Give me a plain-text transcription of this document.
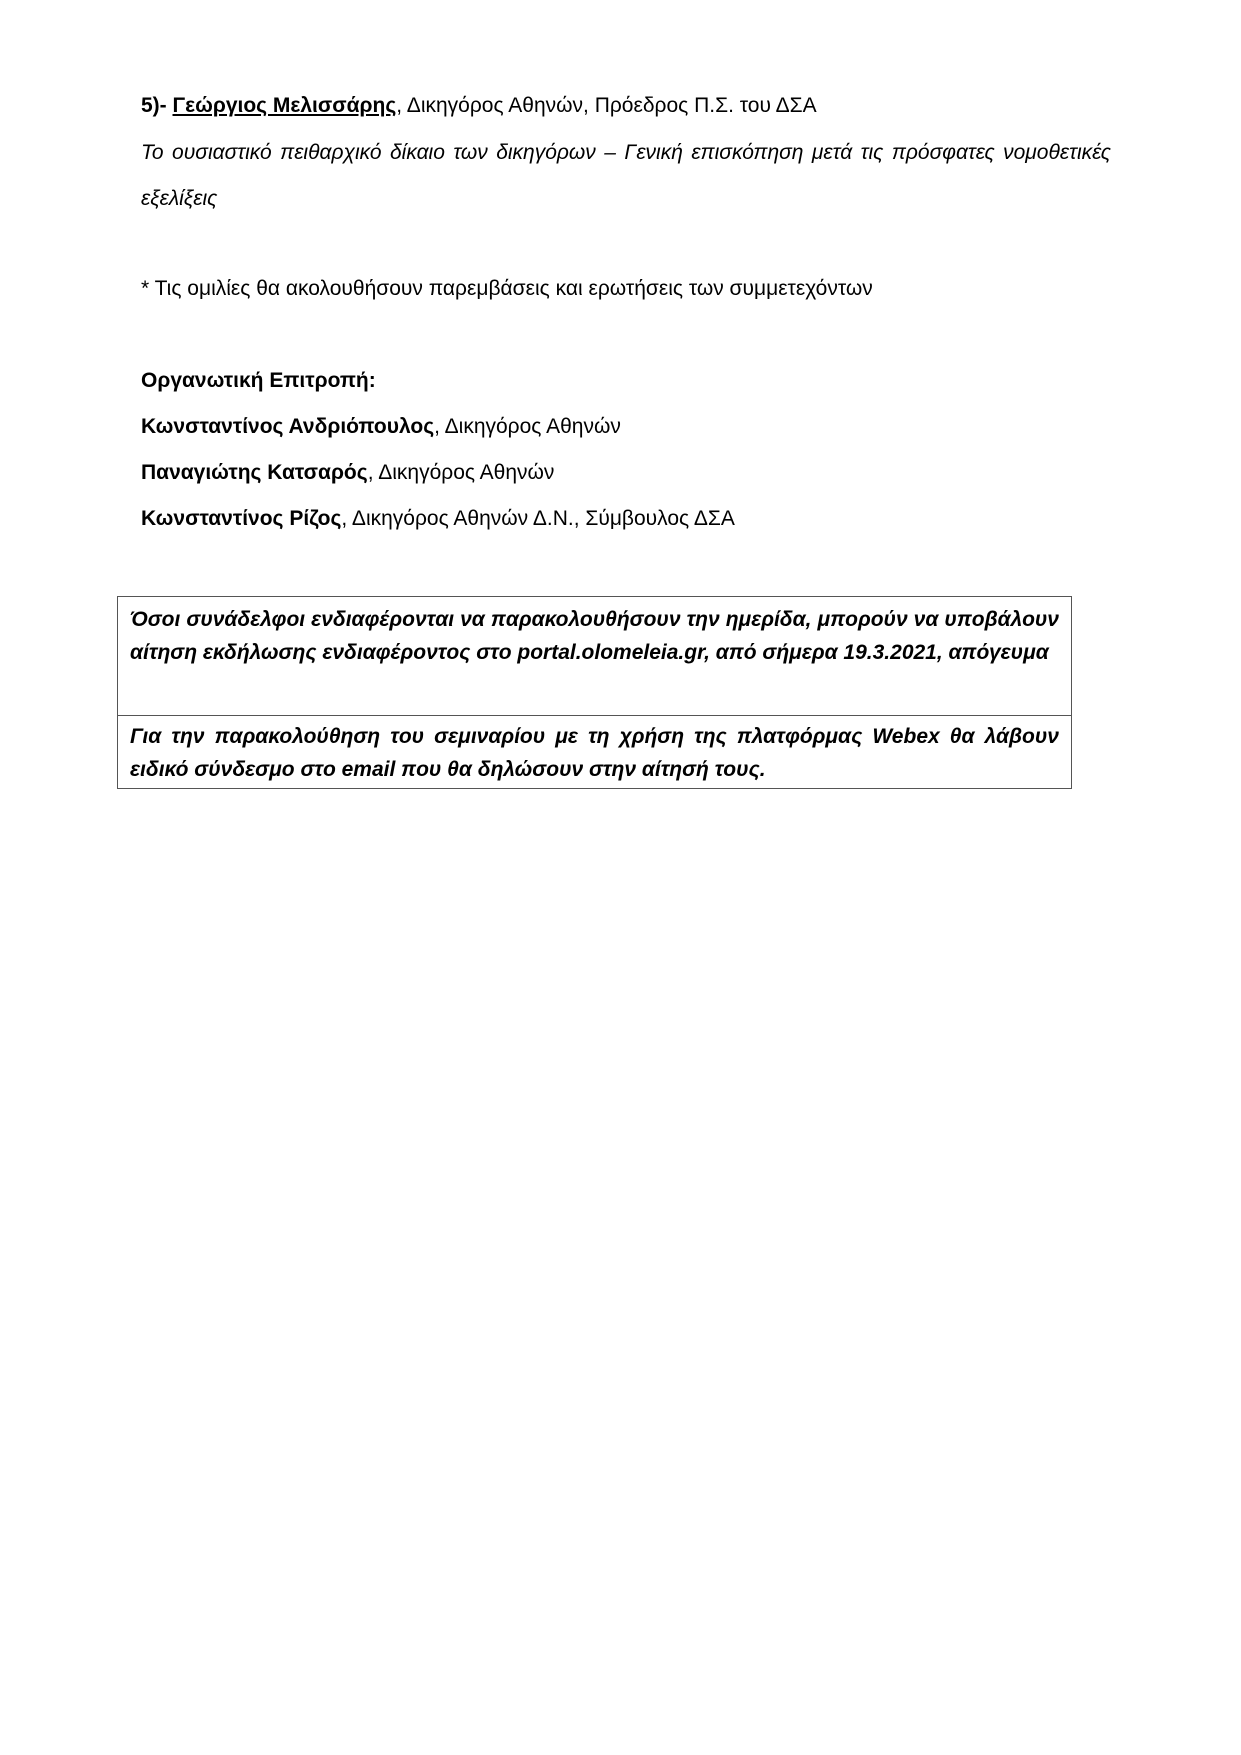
5)- Γεώργιος Μελισσάρης, Δικηγόρος Αθηνών, Πρόεδρος Π.Σ. του ΔΣΑ
Το ουσιαστικό πειθαρχικό δίκαιο των δικηγόρων – Γενική επισκόπηση μετά τις πρόσφατες νομοθετικές εξελίξεις
* Τις ομιλίες θα ακολουθήσουν παρεμβάσεις και ερωτήσεις των συμμετεχόντων
Οργανωτική Επιτροπή:
Κωνσταντίνος Ανδριόπουλος, Δικηγόρος Αθηνών
Παναγιώτης Κατσαρός, Δικηγόρος Αθηνών
Κωνσταντίνος Ρίζος, Δικηγόρος Αθηνών Δ.Ν., Σύμβουλος ΔΣΑ
Όσοι συνάδελφοι ενδιαφέρονται να παρακολουθήσουν την ημερίδα, μπορούν να υποβάλουν αίτηση εκδήλωσης ενδιαφέροντος στο portal.olomeleia.gr, από σήμερα 19.3.2021, απόγευμα
Για την παρακολούθηση του σεμιναρίου με τη χρήση της πλατφόρμας Webex θα λάβουν ειδικό σύνδεσμο στο email που θα δηλώσουν στην αίτησή τους.
